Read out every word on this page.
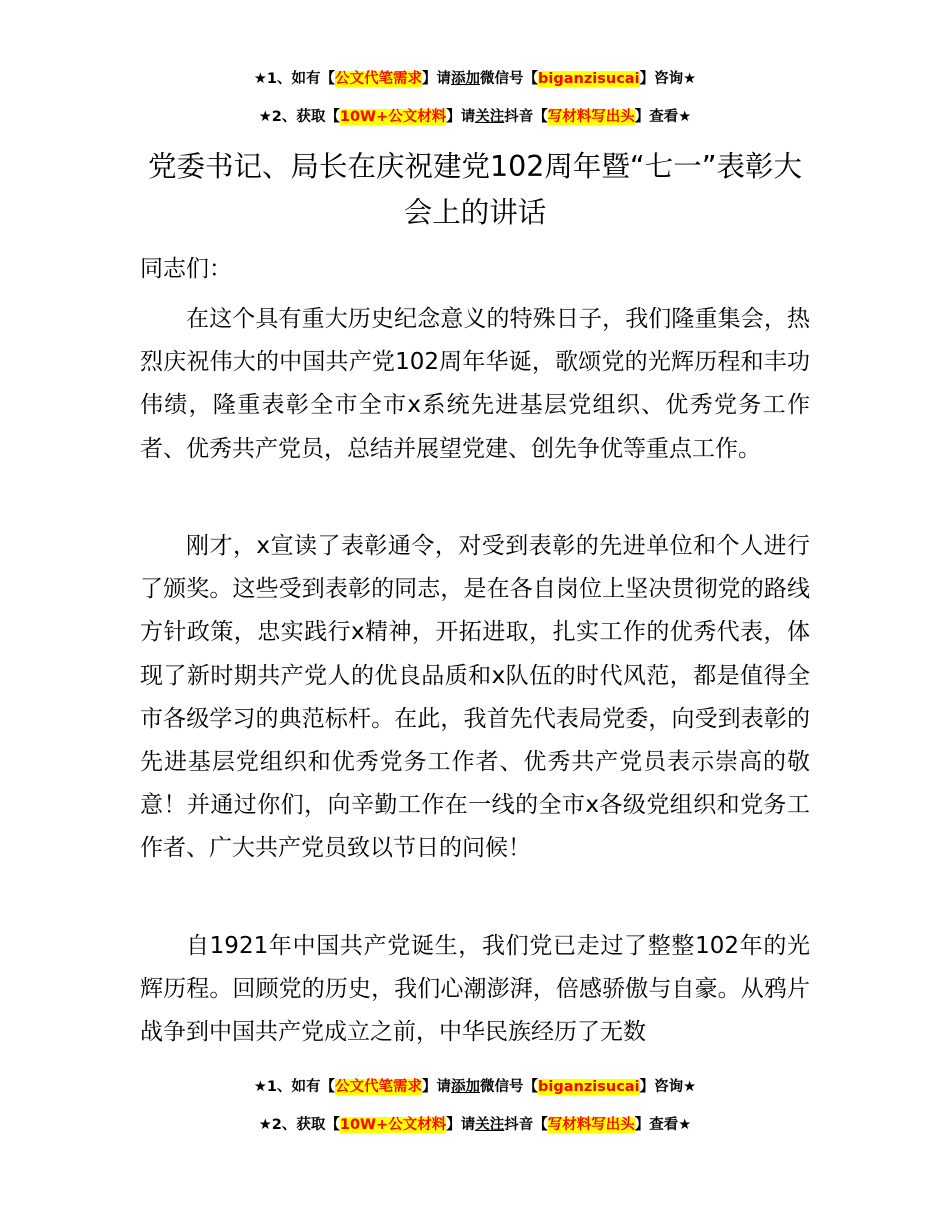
★1、如有【公文代笔需求】请添加微信号【biganzisucai】咨询★
★2、获取【10W+公文材料】请关注抖音【写材料写出头】查看★
党委书记、局长在庆祝建党102周年暨“七一”表彰大会上的讲话
同志们：

在这个具有重大历史纪念意义的特殊日子，我们隆重集会，热烈庆祝伟大的中国共产党102周年华诞，歌颂党的光辉历程和丰功伟绩，隆重表彰全市全市x系统先进基层党组织、优秀党务工作者、优秀共产党员，总结并展望党建、创先争优等重点工作。

刚才，x宣读了表彰通令，对受到表彰的先进单位和个人进行了颁奖。这些受到表彰的同志，是在各自岗位上坚决贯彻党的路线方针政策，忠实践行x精神，开拓进取，扎实工作的优秀代表，体现了新时期共产党人的优良品质和x队伍的时代风范，都是值得全市各级学习的典范标杆。在此，我首先代表局党委，向受到表彰的先进基层党组织和优秀党务工作者、优秀共产党员表示崇高的敬意！并通过你们，向辛勤工作在一线的全市x各级党组织和党务工作者、广大共产党员致以节日的问候！

自1921年中国共产党诞生，我们党已走过了整整102年的光辉历程。回顾党的历史，我们心潮澎湃，倍感骄傲与自豪。从鸦片战争到中国共产党成立之前，中华民族经历了无数

★1、如有【公文代笔需求】请添加微信号【biganzisucai】咨询★
★2、获取【10W+公文材料】请关注抖音【写材料写出头】查看★
